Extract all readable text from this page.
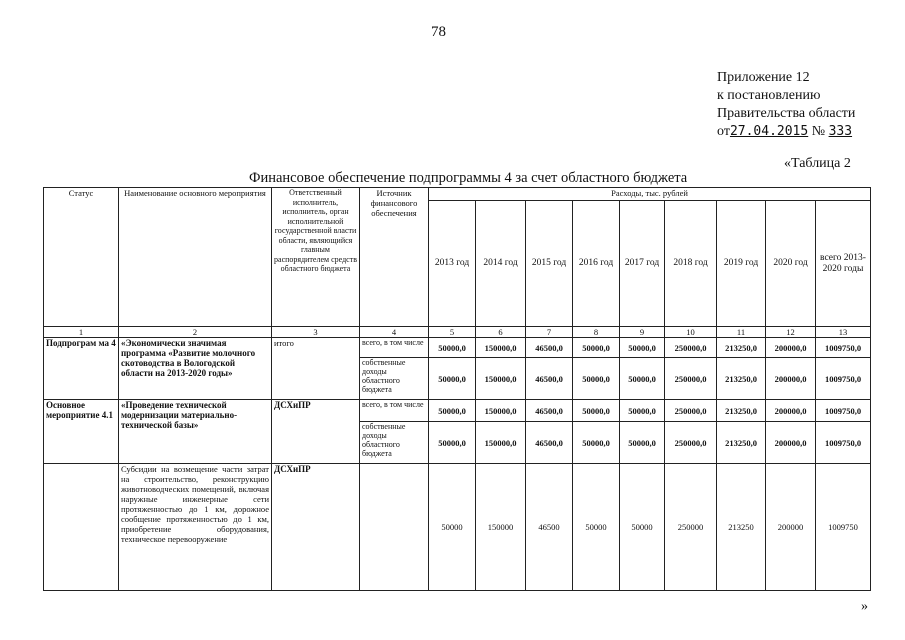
78
Приложение 12
к постановлению
Правительства области
от27.04.2015 № 333
«Таблица 2
Финансовое обеспечение подпрограммы 4 за счет областного бюджета
Статус	Наименование основного мероприятия	Ответственный исполнитель, исполнитель, орган исполнительной государственной власти области, являющийся главным распорядителем средств областного бюджета	Источник финансового обеспечения	Расходы, тыс. рублей								
				2013 год	2014 год	2015 год	2016 год	2017 год	2018 год	2019 год	2020 год	всего 2013-2020 годы
1	2	3	4	5	6	7	8	9	10	11	12	13
Подпрограм ма 4	«Экономически значимая программа «Развитие молочного скотоводства в Вологодской области на 2013-2020 годы»	итого	всего, в том числе	50000,0	150000,0	46500,0	50000,0	50000,0	250000,0	213250,0	200000,0	1009750,0
			собственные доходы областного бюджета	50000,0	150000,0	46500,0	50000,0	50000,0	250000,0	213250,0	200000,0	1009750,0
Основное мероприятие 4.1	«Проведение технической модернизации материально-технической базы»	ДСХиПР	всего, в том числе	50000,0	150000,0	46500,0	50000,0	50000,0	250000,0	213250,0	200000,0	1009750,0
			собственные доходы областного бюджета	50000,0	150000,0	46500,0	50000,0	50000,0	250000,0	213250,0	200000,0	1009750,0
	Субсидии на возмещение части затрат на строительство, реконструкцию животноводческих помещений, включая наружные инженерные сети протяженностью до 1 км, дорожное сообщение протяженностью до 1 км, приобретение оборудования, техническое перевооружение	ДСХиПР		50000	150000	46500	50000	50000	250000	213250	200000	1009750
»
